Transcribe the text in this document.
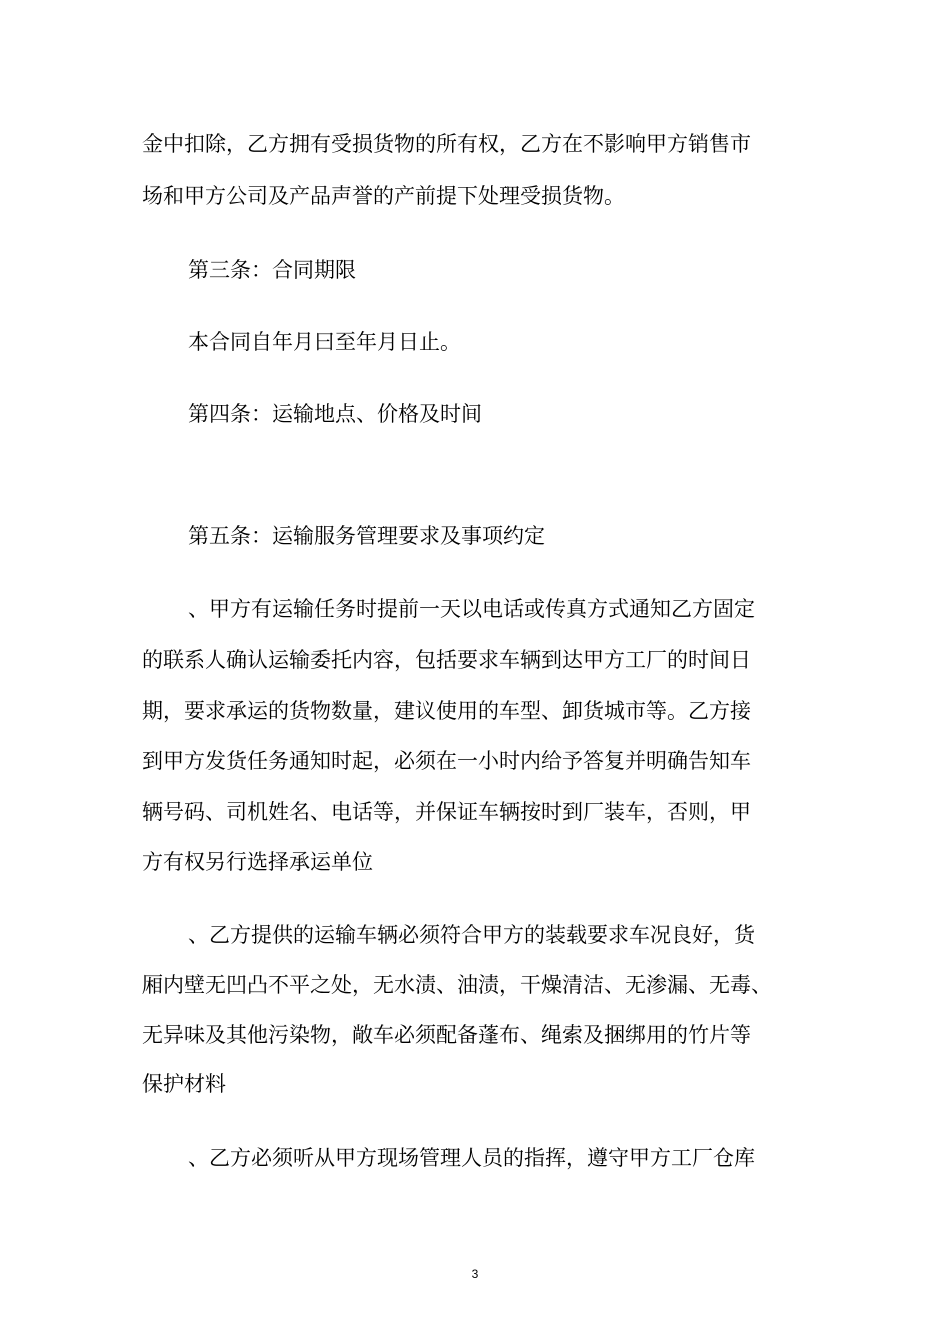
金中扣除，乙方拥有受损货物的所有权，乙方在不影响甲方销售市
场和甲方公司及产品声誉的产前提下处理受损货物。
第三条：合同期限
本合同自年月曰至年月日止。
第四条：运输地点、价格及时间
第五条：运输服务管理要求及事项约定
、甲方有运输任务时提前一天以电话或传真方式通知乙方固定
的联系人确认运输委托内容，包括要求车辆到达甲方工厂的时间日
期，要求承运的货物数量，建议使用的车型、卸货城市等。乙方接
到甲方发货任务通知时起，必须在一小时内给予答复并明确告知车
辆号码、司机姓名、电话等，并保证车辆按时到厂装车，否则，甲
方有权另行选择承运单位
、乙方提供的运输车辆必须符合甲方的装载要求车况良好，货
厢内壁无凹凸不平之处，无水渍、油渍，干燥清洁、无渗漏、无毒、
无异味及其他污染物，敞车必须配备蓬布、绳索及捆绑用的竹片等
保护材料
、乙方必须听从甲方现场管理人员的指挥，遵守甲方工厂仓库
3
